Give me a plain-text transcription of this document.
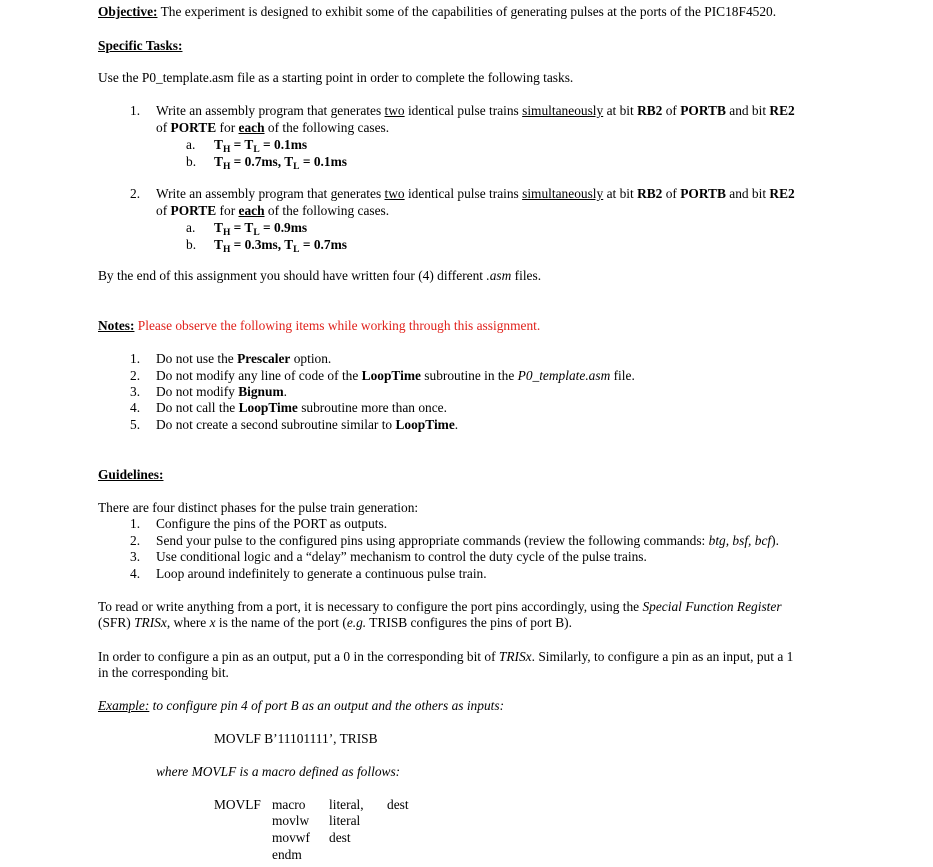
Objective: The experiment is designed to exhibit some of the capabilities of generating pulses at the ports of the PIC18F4520.
Specific Tasks:
Use the P0_template.asm file as a starting point in order to complete the following tasks.
1. Write an assembly program that generates two identical pulse trains simultaneously at bit RB2 of PORTB and bit RE2
of PORTE for each of the following cases.
a. $T_H = T_L = 0.1ms$
b. $T_H = 0.7ms$, $T_L = 0.1ms$
2. Write an assembly program that generates two identical pulse trains simultaneously at bit RB2 of PORTB and bit RE2
of PORTE for each of the following cases.
a. $T_H = T_L = 0.9ms$
b. $T_H = 0.3ms$, $T_L = 0.7ms$
By the end of this assignment you should have written four (4) different .asm files.
Notes: Please observe the following items while working through this assignment.
1. Do not use the Prescaler option.
2. Do not modify any line of code of the LoopTime subroutine in the P0_template.asm file.
3. Do not modify Bignum.
4. Do not call the LoopTime subroutine more than once.
5. Do not create a second subroutine similar to LoopTime.
Guidelines:
There are four distinct phases for the pulse train generation:
1. Configure the pins of the PORT as outputs.
2. Send your pulse to the configured pins using appropriate commands (review the following commands: btg, bsf, bcf).
3. Use conditional logic and a “delay” mechanism to control the duty cycle of the pulse trains.
4. Loop around indefinitely to generate a continuous pulse train.
To read or write anything from a port, it is necessary to configure the port pins accordingly, using the Special Function Register
(SFR) TRISx, where x is the name of the port (e.g. TRISB configures the pins of port B).
In order to configure a pin as an output, put a 0 in the corresponding bit of TRISx. Similarly, to configure a pin as an input, put a 1
in the corresponding bit.
Example: to configure pin 4 of port B as an output and the others as inputs:
MOVLF B’11101111’, TRISB
where MOVLF is a macro defined as follows:
MOVLF macro literal, dest
movlw literal
movwf dest
endm
